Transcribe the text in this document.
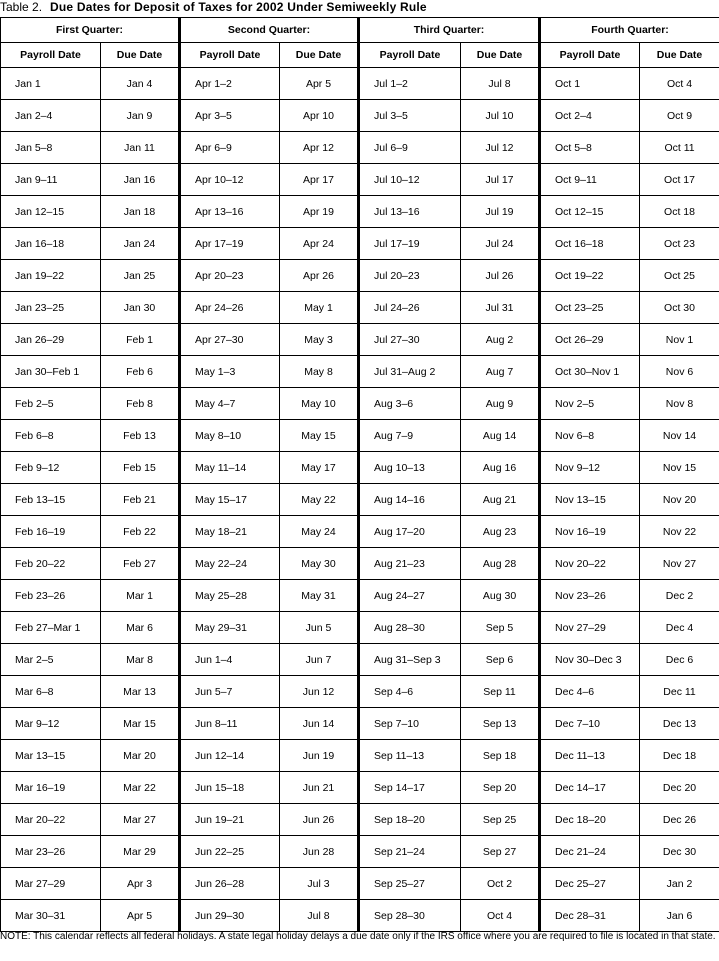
Table 2. Due Dates for Deposit of Taxes for 2002 Under Semiweekly Rule
First Quarter:		Second Quarter:		Third Quarter:		Fourth Quarter:	
Payroll Date	Due Date	Payroll Date	Due Date	Payroll Date	Due Date	Payroll Date	Due Date
Jan 1	Jan 4	Apr 1–2	Apr 5	Jul 1–2	Jul 8	Oct 1	Oct 4
Jan 2–4	Jan 9	Apr 3–5	Apr 10	Jul 3–5	Jul 10	Oct 2–4	Oct 9
Jan 5–8	Jan 11	Apr 6–9	Apr 12	Jul 6–9	Jul 12	Oct 5–8	Oct 11
Jan 9–11	Jan 16	Apr 10–12	Apr 17	Jul 10–12	Jul 17	Oct 9–11	Oct 17
Jan 12–15	Jan 18	Apr 13–16	Apr 19	Jul 13–16	Jul 19	Oct 12–15	Oct 18
Jan 16–18	Jan 24	Apr 17–19	Apr 24	Jul 17–19	Jul 24	Oct 16–18	Oct 23
Jan 19–22	Jan 25	Apr 20–23	Apr 26	Jul 20–23	Jul 26	Oct 19–22	Oct 25
Jan 23–25	Jan 30	Apr 24–26	May 1	Jul 24–26	Jul 31	Oct 23–25	Oct 30
Jan 26–29	Feb 1	Apr 27–30	May 3	Jul 27–30	Aug 2	Oct 26–29	Nov 1
Jan 30–Feb 1	Feb 6	May 1–3	May 8	Jul 31–Aug 2	Aug 7	Oct 30–Nov 1	Nov 6
Feb 2–5	Feb 8	May 4–7	May 10	Aug 3–6	Aug 9	Nov 2–5	Nov 8
Feb 6–8	Feb 13	May 8–10	May 15	Aug 7–9	Aug 14	Nov 6–8	Nov 14
Feb 9–12	Feb 15	May 11–14	May 17	Aug 10–13	Aug 16	Nov 9–12	Nov 15
Feb 13–15	Feb 21	May 15–17	May 22	Aug 14–16	Aug 21	Nov 13–15	Nov 20
Feb 16–19	Feb 22	May 18–21	May 24	Aug 17–20	Aug 23	Nov 16–19	Nov 22
Feb 20–22	Feb 27	May 22–24	May 30	Aug 21–23	Aug 28	Nov 20–22	Nov 27
Feb 23–26	Mar 1	May 25–28	May 31	Aug 24–27	Aug 30	Nov 23–26	Dec 2
Feb 27–Mar 1	Mar 6	May 29–31	Jun 5	Aug 28–30	Sep 5	Nov 27–29	Dec 4
Mar 2–5	Mar 8	Jun 1–4	Jun 7	Aug 31–Sep 3	Sep 6	Nov 30–Dec 3	Dec 6
Mar 6–8	Mar 13	Jun 5–7	Jun 12	Sep 4–6	Sep 11	Dec 4–6	Dec 11
Mar 9–12	Mar 15	Jun 8–11	Jun 14	Sep 7–10	Sep 13	Dec 7–10	Dec 13
Mar 13–15	Mar 20	Jun 12–14	Jun 19	Sep 11–13	Sep 18	Dec 11–13	Dec 18
Mar 16–19	Mar 22	Jun 15–18	Jun 21	Sep 14–17	Sep 20	Dec 14–17	Dec 20
Mar 20–22	Mar 27	Jun 19–21	Jun 26	Sep 18–20	Sep 25	Dec 18–20	Dec 26
Mar 23–26	Mar 29	Jun 22–25	Jun 28	Sep 21–24	Sep 27	Dec 21–24	Dec 30
Mar 27–29	Apr 3	Jun 26–28	Jul 3	Sep 25–27	Oct 2	Dec 25–27	Jan 2
Mar 30–31	Apr 5	Jun 29–30	Jul 8	Sep 28–30	Oct 4	Dec 28–31	Jan 6
NOTE: This calendar reflects all federal holidays. A state legal holiday delays a due date only if the IRS office where you are required to file is located in that state.
